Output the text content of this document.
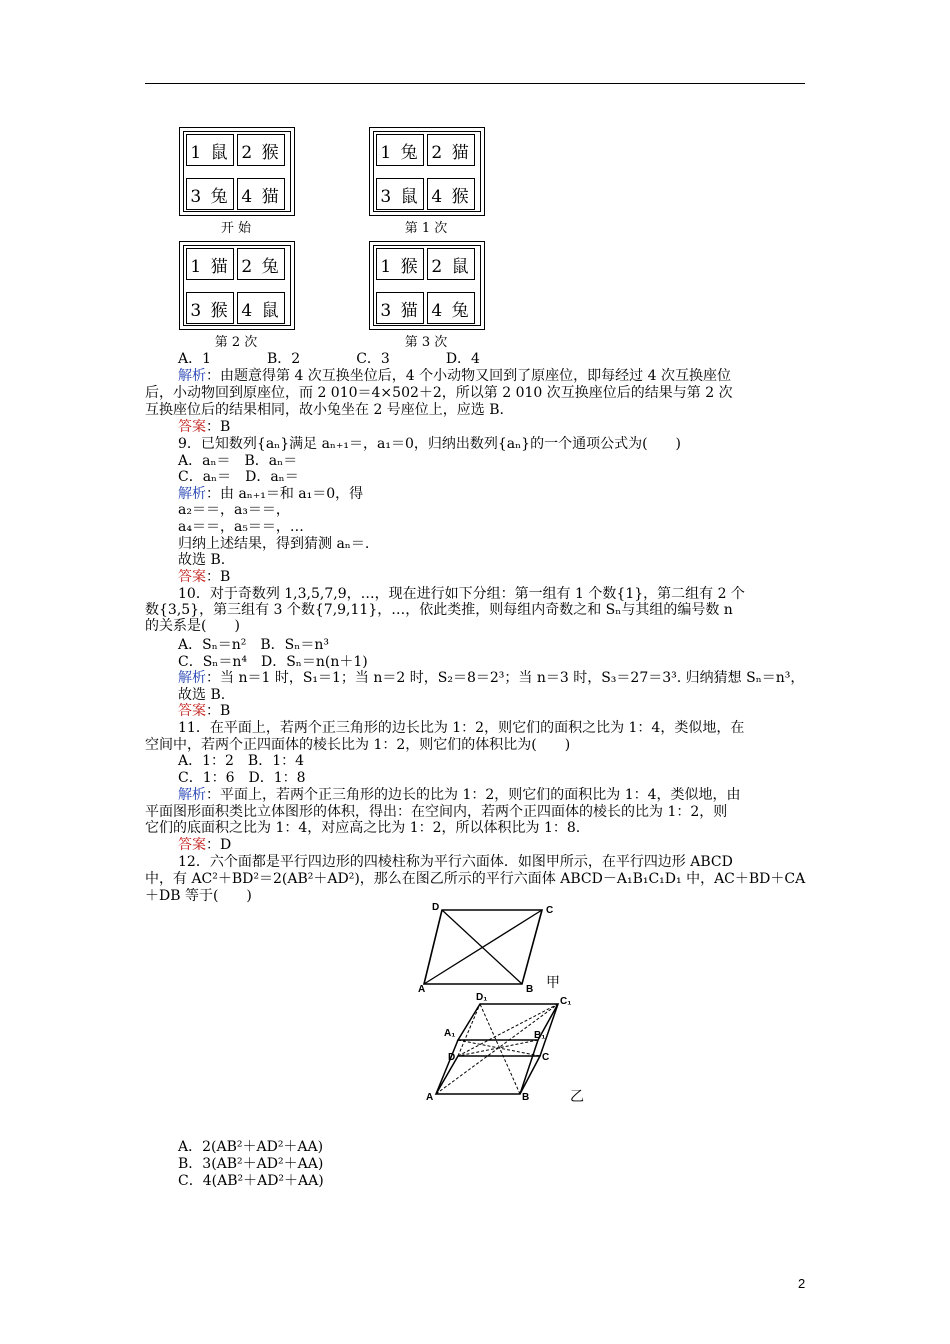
1 鼠 2 猴
3 兔 4 猫
开 始
1 兔 2 猫
3 鼠 4 猴
第 1 次
1 猫 2 兔
3 猴 4 鼠
第 2 次
1 猴 2 鼠
3 猫 4 兔
第 3 次
A．1　　　　B．2　　　　C．3　　　　D．4
解析：由题意得第 4 次互换坐位后，4 个小动物又回到了原座位，即每经过 4 次互换座位
后，小动物回到原座位，而 2 010＝4×502＋2，所以第 2 010 次互换座位后的结果与第 2 次
互换座位后的结果相同，故小兔坐在 2 号座位上，应选 B.
答案：B
9．已知数列{aₙ}满足 aₙ₊₁＝，a₁＝0，归纳出数列{aₙ}的一个通项公式为(　　)
A．aₙ＝　B．aₙ＝
C．aₙ＝　D．aₙ＝
解析：由 aₙ₊₁＝和 a₁＝0，得
a₂＝＝，a₃＝＝，
a₄＝＝，a₅＝＝，…
归纳上述结果，得到猜测 aₙ＝.
故选 B.
答案：B
10．对于奇数列 1,3,5,7,9，…，现在进行如下分组：第一组有 1 个数{1}，第二组有 2 个
数{3,5}，第三组有 3 个数{7,9,11}，…，依此类推，则每组内奇数之和 Sₙ与其组的编号数 n
的关系是(　　)
A．Sₙ＝n²　B．Sₙ＝n³
C．Sₙ＝n⁴　D．Sₙ＝n(n＋1)
解析：当 n＝1 时，S₁＝1；当 n＝2 时，S₂＝8＝2³；当 n＝3 时，S₃＝27＝3³. 归纳猜想 Sₙ＝n³，
故选 B.
答案：B
11．在平面上，若两个正三角形的边长比为 1：2，则它们的面积之比为 1：4，类似地，在
空间中，若两个正四面体的棱长比为 1：2，则它们的体积比为(　　)
A．1：2　B．1：4
C．1：6　D．1：8
解析：平面上，若两个正三角形的边长的比为 1：2，则它们的面积比为 1：4，类似地，由
平面图形面积类比立体图形的体积，得出：在空间内，若两个正四面体的棱长的比为 1：2，则
它们的底面积之比为 1：4，对应高之比为 1：2，所以体积比为 1：8.
答案：D
12．六个面都是平行四边形的四棱柱称为平行六面体．如图甲所示，在平行四边形 ABCD
中，有 AC²＋BD²＝2(AB²＋AD²)，那么在图乙所示的平行六面体 ABCD－A₁B₁C₁D₁ 中，AC＋BD＋CA
＋DB 等于(　　)
D	C
A	B 甲
D₁	C₁
A₁	B₁
D	C
A	B	乙
A．2(AB²＋AD²＋AA)
B．3(AB²＋AD²＋AA)
C．4(AB²＋AD²＋AA)
2
